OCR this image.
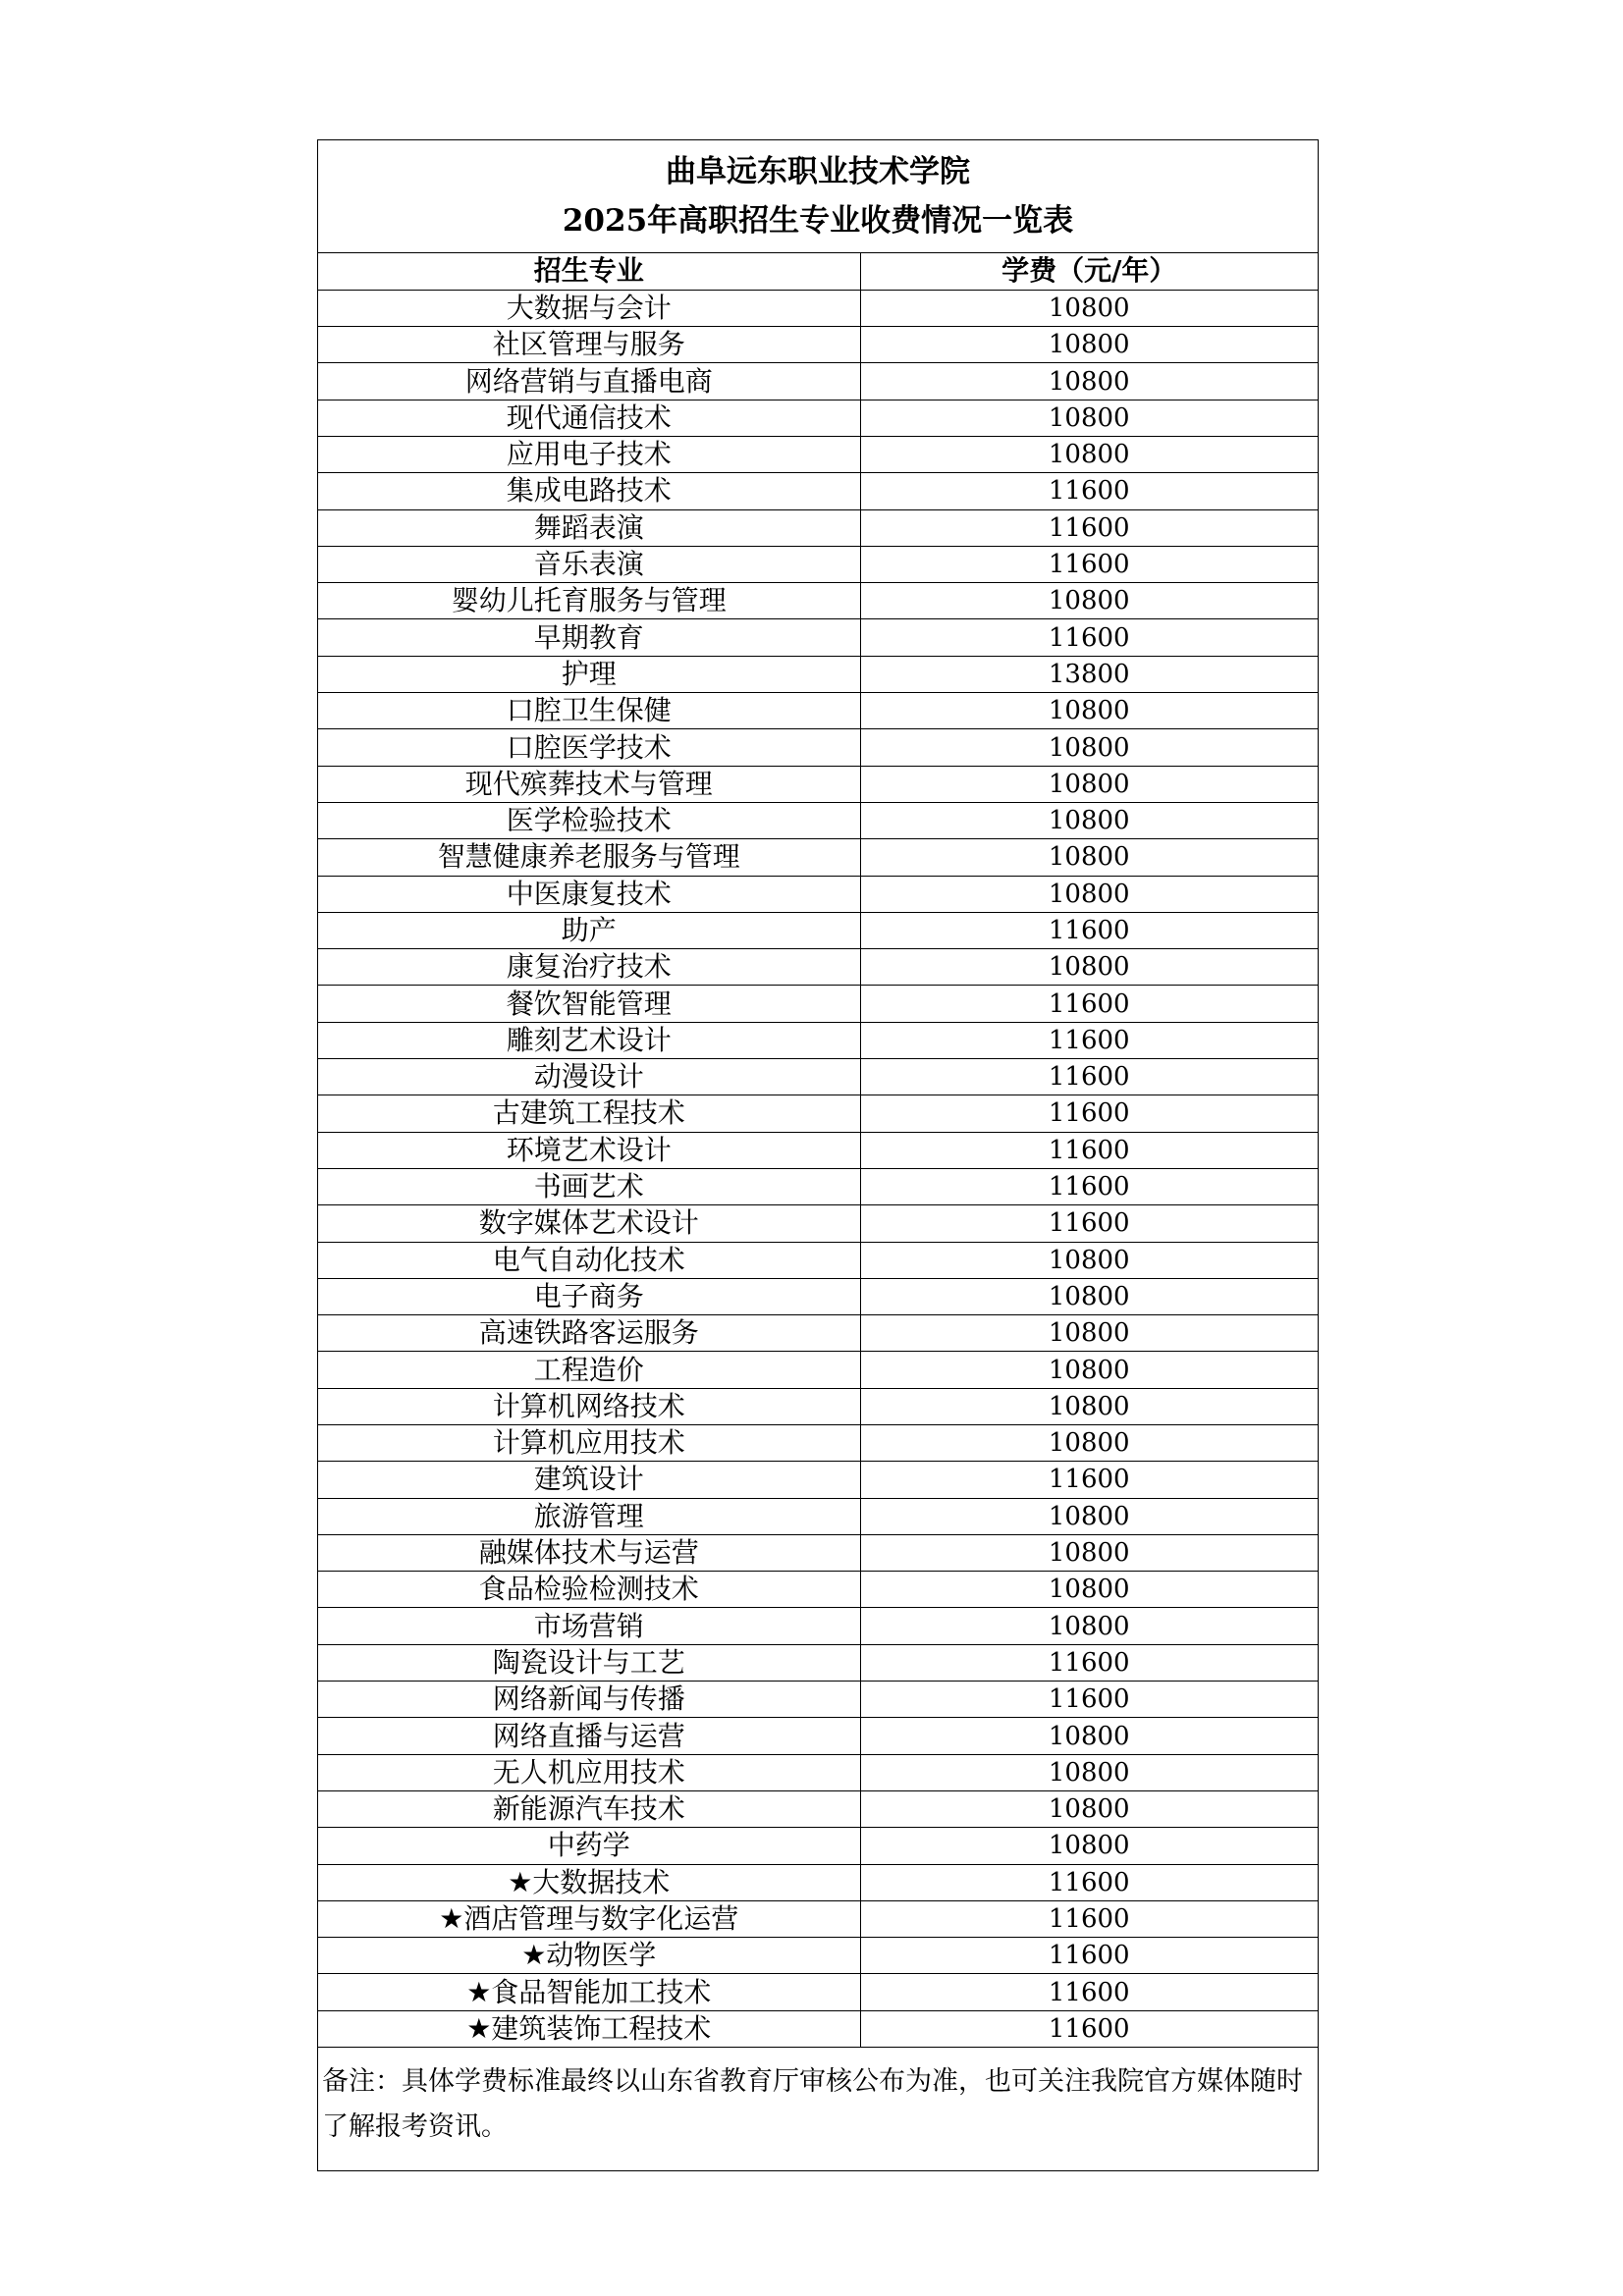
曲阜远东职业技术学院
2025年高职招生专业收费情况一览表
招生专业	学费（元/年）
大数据与会计	10800
社区管理与服务	10800
网络营销与直播电商	10800
现代通信技术	10800
应用电子技术	10800
集成电路技术	11600
舞蹈表演	11600
音乐表演	11600
婴幼儿托育服务与管理	10800
早期教育	11600
护理	13800
口腔卫生保健	10800
口腔医学技术	10800
现代殡葬技术与管理	10800
医学检验技术	10800
智慧健康养老服务与管理	10800
中医康复技术	10800
助产	11600
康复治疗技术	10800
餐饮智能管理	11600
雕刻艺术设计	11600
动漫设计	11600
古建筑工程技术	11600
环境艺术设计	11600
书画艺术	11600
数字媒体艺术设计	11600
电气自动化技术	10800
电子商务	10800
高速铁路客运服务	10800
工程造价	10800
计算机网络技术	10800
计算机应用技术	10800
建筑设计	11600
旅游管理	10800
融媒体技术与运营	10800
食品检验检测技术	10800
市场营销	10800
陶瓷设计与工艺	11600
网络新闻与传播	11600
网络直播与运营	10800
无人机应用技术	10800
新能源汽车技术	10800
中药学	10800
★大数据技术	11600
★酒店管理与数字化运营	11600
★动物医学	11600
★食品智能加工技术	11600
★建筑装饰工程技术	11600
备注：具体学费标准最终以山东省教育厅审核公布为准，也可关注我院官方媒体随时了解报考资讯。
